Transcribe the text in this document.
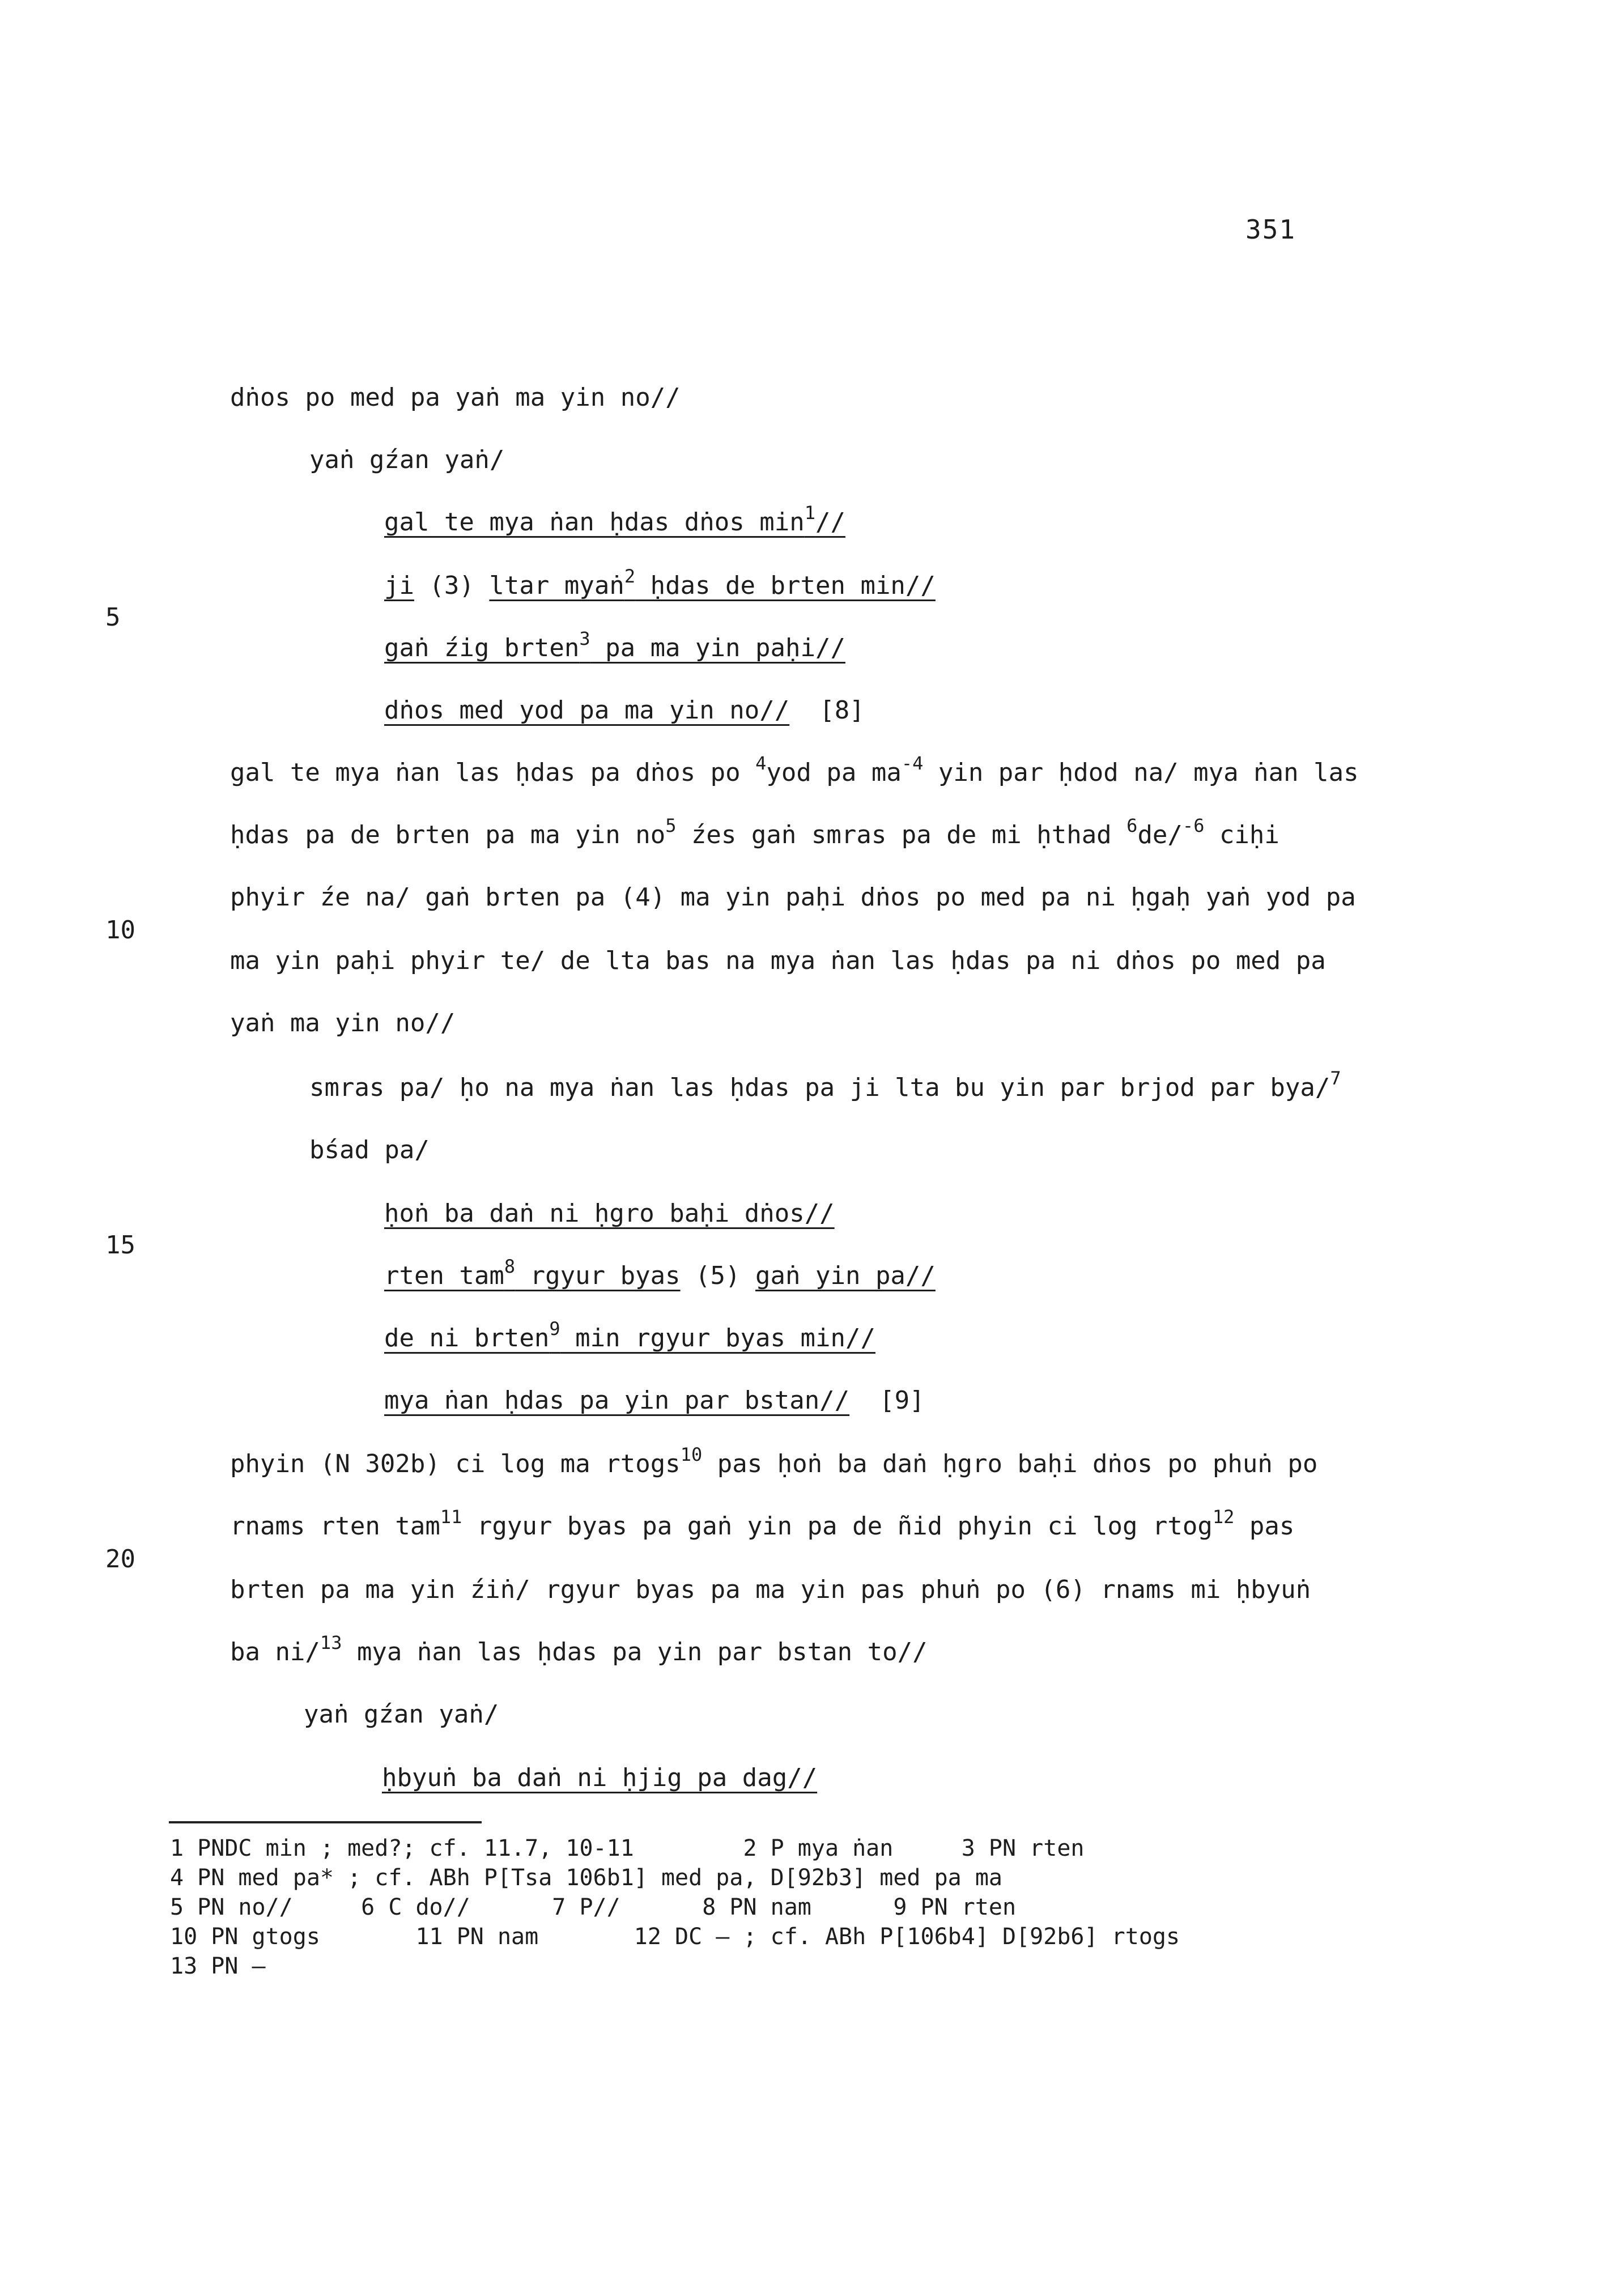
351
5
10
15
20

dṅos po med pa yaṅ ma yin no//

yaṅ gźan yaṅ/

gal te mya ṅan ḥdas dṅos $\min^1//$

ji (3) ltar myaṅ$^2$ ḥdas de brten min//

gaṅ źig brten$^3$ pa ma yin paḥi//

dṅos med yod pa ma yin no//  [8]

gal te mya ṅan las ḥdas pa dṅos po $^4$yod pa $ma^{-4}$ yin par ḥdod na/ mya ṅan las

ḥdas pa de brten pa ma yin $no^5$ źes gaṅ smras pa de mi ḥthad $^6$de/$^{-6}$ ciḥi

phyir źe na/ gaṅ brten pa (4) ma yin paḥi dṅos po med pa ni ḥgaḥ yaṅ yod pa

ma yin paḥi phyir te/ de lta bas na mya ṅan las ḥdas pa ni dṅos po med pa

yaṅ ma yin no//

smras pa/ ḥo na mya ṅan las ḥdas pa ji lta bu yin par brjod par bya/$^7$

bśad pa/

ḥoṅ ba daṅ ni ḥgro baḥi dṅos//

rten tam$^8$ rgyur byas (5) gaṅ yin pa//

de ni brten$^9$ min rgyur byas min//

mya ṅan ḥdas pa yin par bstan//  [9]

phyin (N 302b) ci log ma rtogs$^{10}$ pas ḥoṅ ba daṅ ḥgro baḥi dṅos po phuṅ po

rnams rten tam$^{11}$ rgyur byas pa gaṅ yin pa de ñid phyin ci log rtog$^{12}$ pas

brten pa ma yin źiṅ/ rgyur byas pa ma yin pas phuṅ po (6) rnams mi ḥbyuṅ

ba ni/$^{13}$ mya ṅan las ḥdas pa yin par bstan to//

yaṅ gźan yaṅ/

ḥbyuṅ ba daṅ ni ḥjig pa dag//

1 PNDC min ; med?; cf. 11.7, 10-11        2 P mya ṅan     3 PN rten
4 PN med pa* ; cf. ABh P[Tsa 106b1] med pa, D[92b3] med pa ma
5 PN no//     6 C do//      7 P//      8 PN nam      9 PN rten
10 PN gtogs       11 PN nam       12 DC — ; cf. ABh P[106b4] D[92b6] rtogs
13 PN —
